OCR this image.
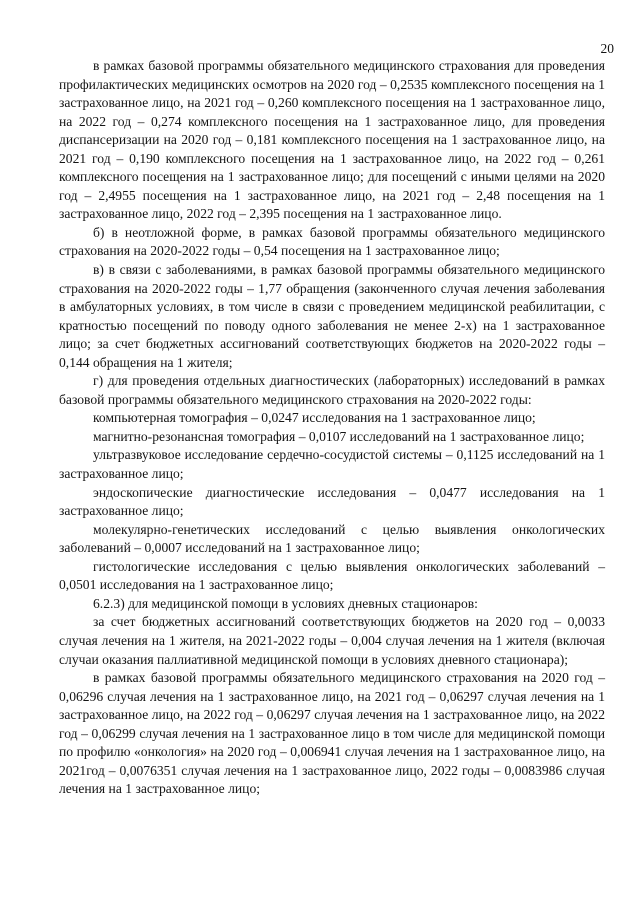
20

в рамках базовой программы обязательного медицинского страхования для проведения профилактических медицинских осмотров на 2020 год – 0,2535 комплексного посещения на 1 застрахованное лицо, на 2021 год – 0,260 комплексного посещения на 1 застрахованное лицо, на 2022 год – 0,274 комплексного посещения на 1 застрахованное лицо, для проведения диспансеризации на 2020 год – 0,181 комплексного посещения на 1 застрахованное лицо, на 2021 год – 0,190 комплексного посещения на 1 застрахованное лицо, на 2022 год – 0,261 комплексного посещения на 1 застрахованное лицо; для посещений с иными целями на 2020 год – 2,4955 посещения на 1 застрахованное лицо, на 2021 год – 2,48 посещения на 1 застрахованное лицо, 2022 год – 2,395 посещения на 1 застрахованное лицо.

б) в неотложной форме, в рамках базовой программы обязательного медицинского страхования на 2020-2022 годы – 0,54 посещения на 1 застрахованное лицо;

в) в связи с заболеваниями, в рамках базовой программы обязательного медицинского страхования на 2020-2022 годы – 1,77 обращения (законченного случая лечения заболевания в амбулаторных условиях, в том числе в связи с проведением медицинской реабилитации, с кратностью посещений по поводу одного заболевания не менее 2-х) на 1 застрахованное лицо; за счет бюджетных ассигнований соответствующих бюджетов на 2020-2022 годы – 0,144 обращения на 1 жителя;

г) для проведения отдельных диагностических (лабораторных) исследований в рамках базовой программы обязательного медицинского страхования на 2020-2022 годы:

компьютерная томография – 0,0247 исследования на 1 застрахованное лицо;

магнитно-резонансная томография – 0,0107 исследований на 1 застрахованное лицо;

ультразвуковое исследование сердечно-сосудистой системы – 0,1125 исследований на 1 застрахованное лицо;

эндоскопические диагностические исследования – 0,0477 исследования на 1 застрахованное лицо;

молекулярно-генетических исследований с целью выявления онкологических заболеваний – 0,0007 исследований на 1 застрахованное лицо;

гистологические исследования с целью выявления онкологических заболеваний – 0,0501 исследования на 1 застрахованное лицо;

6.2.3) для медицинской помощи в условиях дневных стационаров:

за счет бюджетных ассигнований соответствующих бюджетов на 2020 год – 0,0033 случая лечения на 1 жителя, на 2021-2022 годы – 0,004 случая лечения на 1 жителя (включая случаи оказания паллиативной медицинской помощи в условиях дневного стационара);

в рамках базовой программы обязательного медицинского страхования на 2020 год – 0,06296 случая лечения на 1 застрахованное лицо, на 2021 год – 0,06297 случая лечения на 1 застрахованное лицо, на 2022 год – 0,06297 случая лечения на 1 застрахованное лицо, на 2022 год – 0,06299 случая лечения на 1 застрахованное лицо в том числе для медицинской помощи по профилю «онкология» на 2020 год – 0,006941 случая лечения на 1 застрахованное лицо, на 2021год – 0,0076351 случая лечения на 1 застрахованное лицо, 2022 годы – 0,0083986 случая лечения на 1 застрахованное лицо;
